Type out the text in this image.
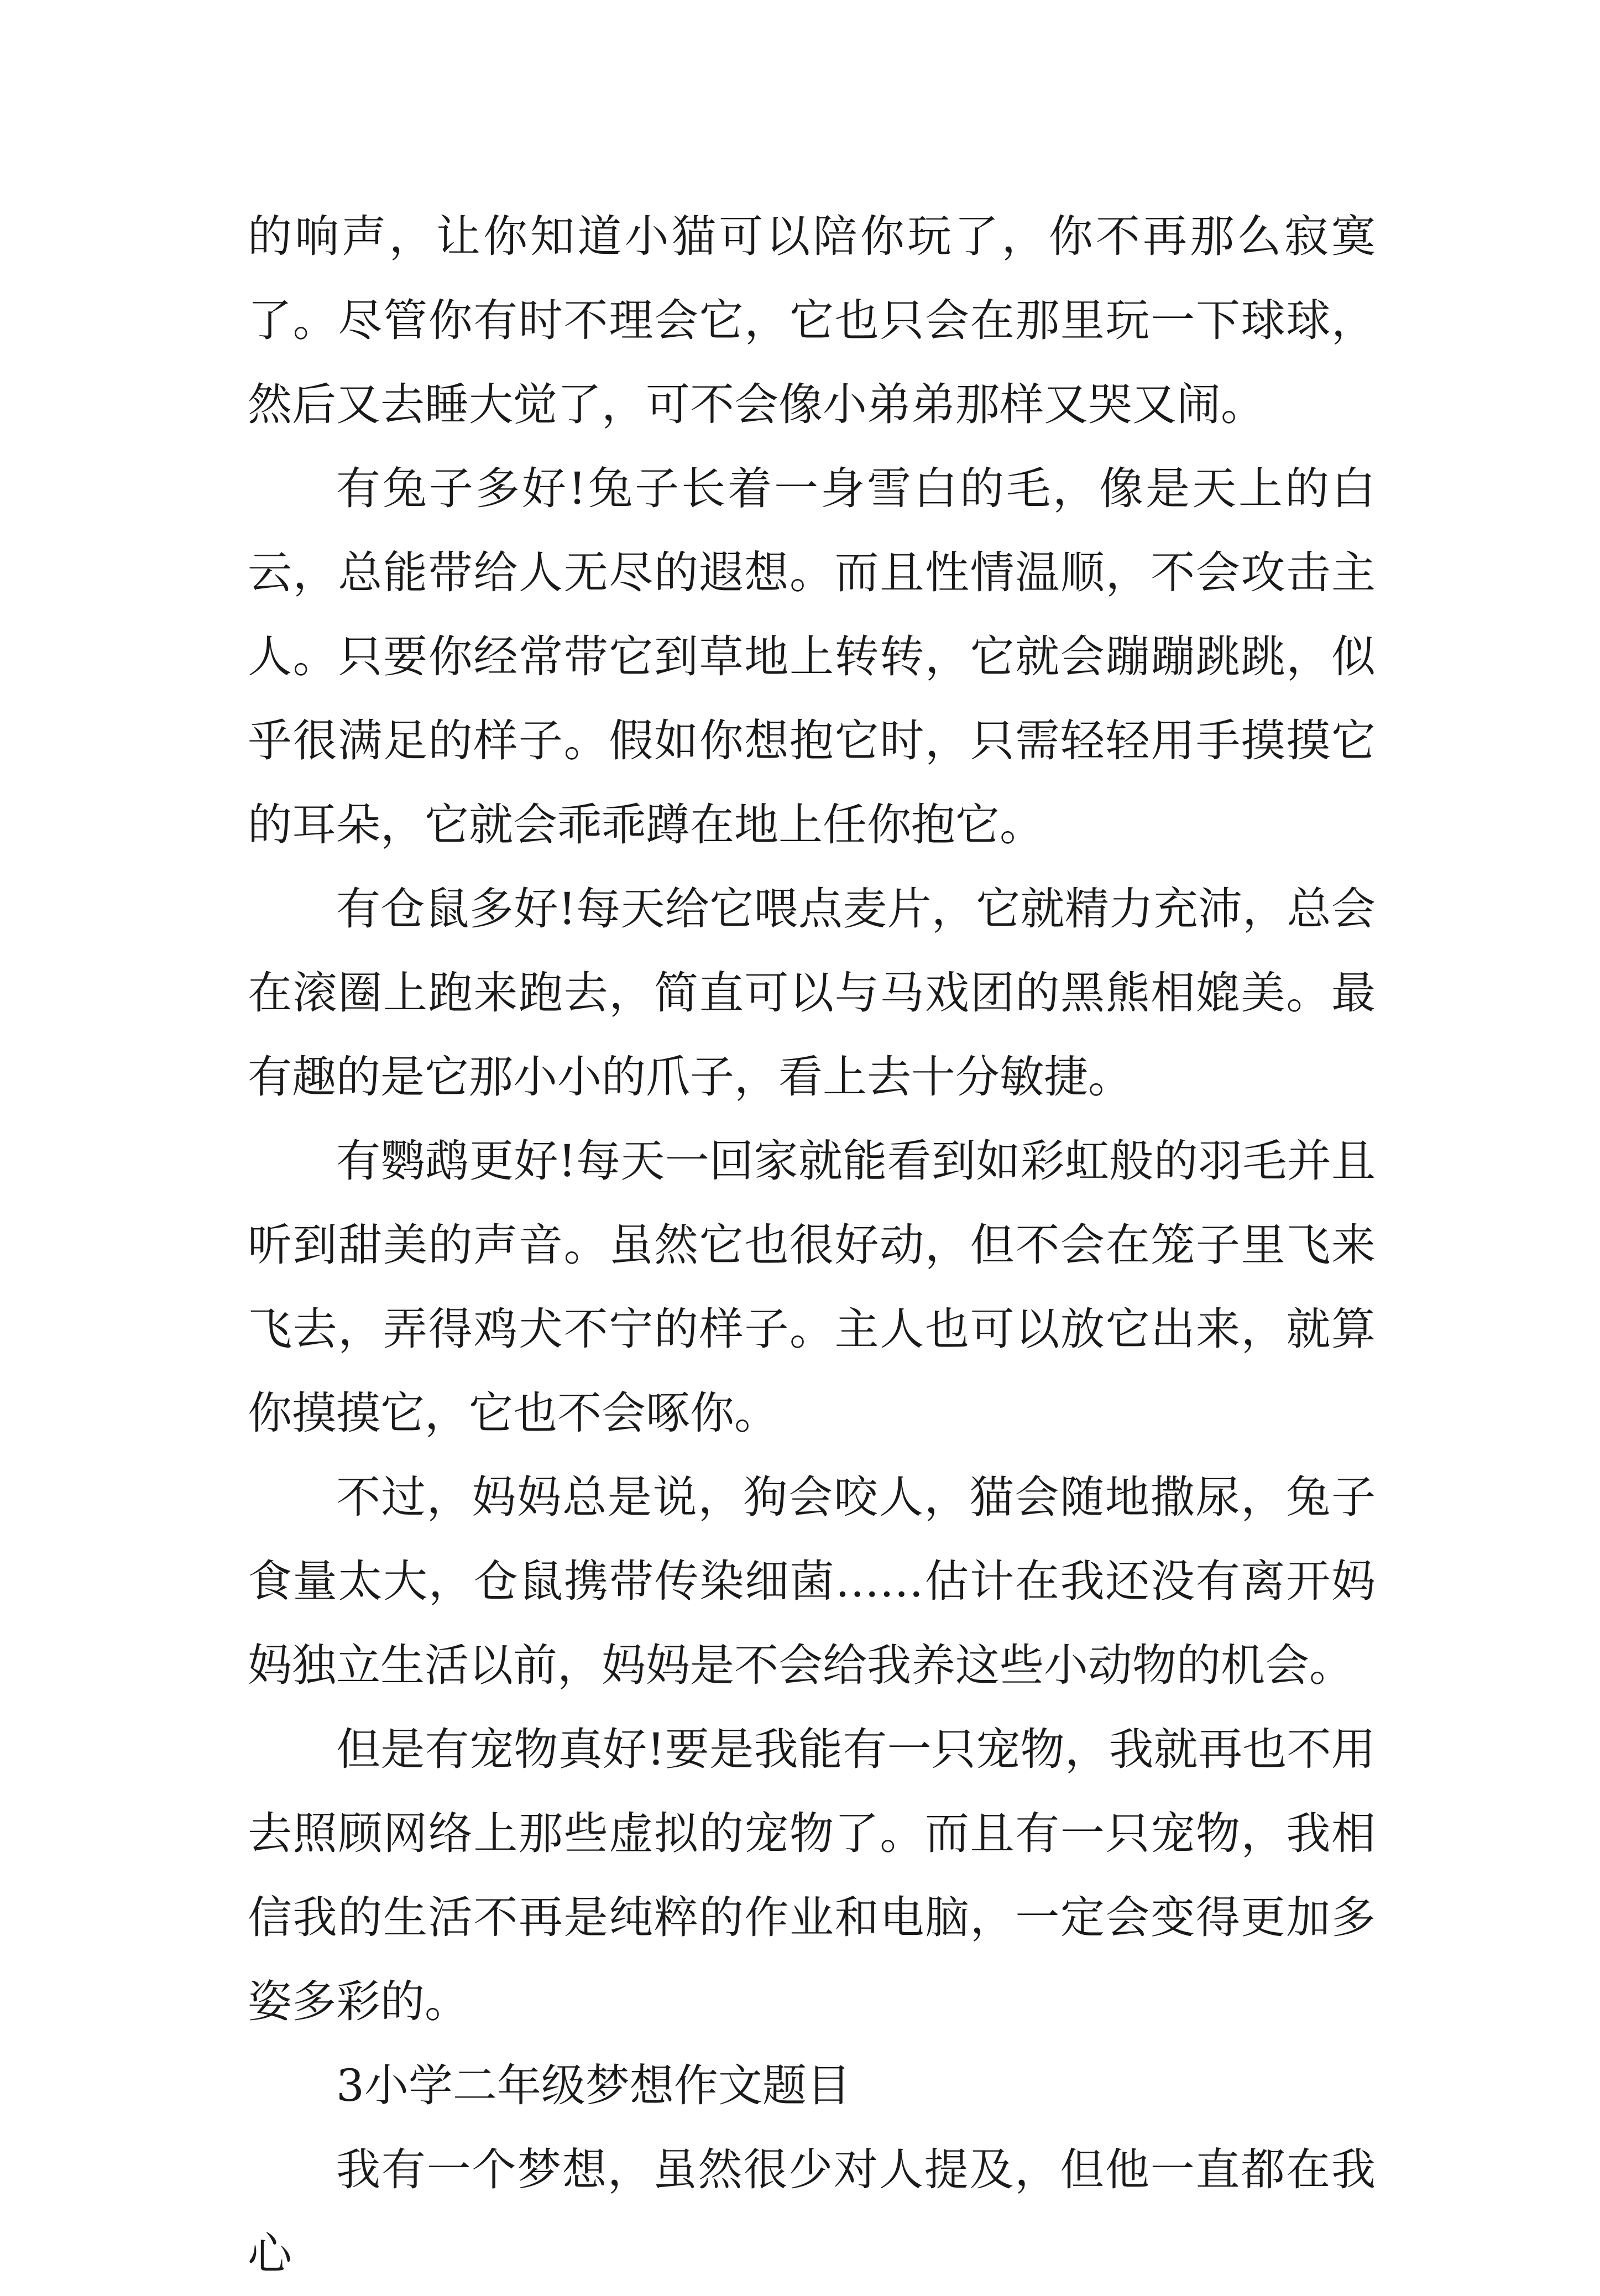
的响声，让你知道小猫可以陪你玩了，你不再那么寂寞了。尽管你有时不理会它，它也只会在那里玩一下球球，然后又去睡大觉了，可不会像小弟弟那样又哭又闹。

有兔子多好!兔子长着一身雪白的毛，像是天上的白云，总能带给人无尽的遐想。而且性情温顺，不会攻击主人。只要你经常带它到草地上转转，它就会蹦蹦跳跳，似乎很满足的样子。假如你想抱它时，只需轻轻用手摸摸它的耳朵，它就会乖乖蹲在地上任你抱它。

有仓鼠多好!每天给它喂点麦片，它就精力充沛，总会在滚圈上跑来跑去，简直可以与马戏团的黑熊相媲美。最有趣的是它那小小的爪子，看上去十分敏捷。

有鹦鹉更好!每天一回家就能看到如彩虹般的羽毛并且听到甜美的声音。虽然它也很好动，但不会在笼子里飞来飞去，弄得鸡犬不宁的样子。主人也可以放它出来，就算你摸摸它，它也不会啄你。

不过，妈妈总是说，狗会咬人，猫会随地撒尿，兔子食量太大，仓鼠携带传染细菌……估计在我还没有离开妈妈独立生活以前，妈妈是不会给我养这些小动物的机会。

但是有宠物真好!要是我能有一只宠物，我就再也不用去照顾网络上那些虚拟的宠物了。而且有一只宠物，我相信我的生活不再是纯粹的作业和电脑，一定会变得更加多姿多彩的。

3小学二年级梦想作文题目

我有一个梦想，虽然很少对人提及，但他一直都在我心
